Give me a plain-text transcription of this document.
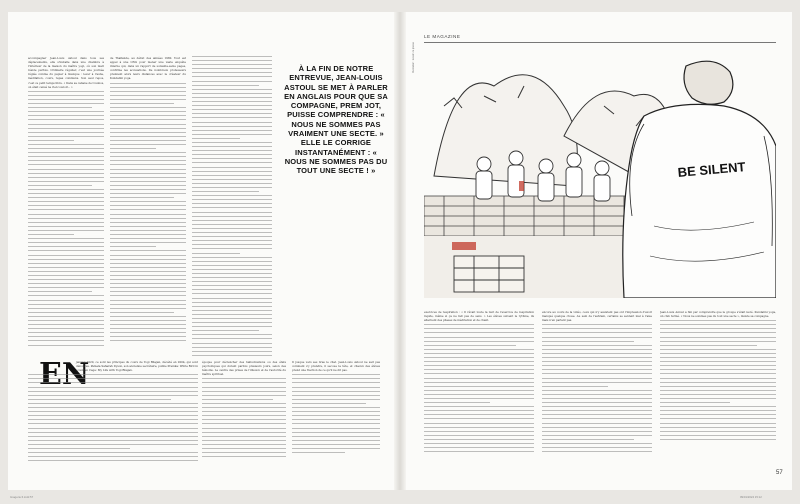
accompagner Jean-Louis Astoul dans tous ses déplacements, elle s'installe dans une chambre à l'intérieur de la maison du maître yogi, où son mari réside parfois. Ordinaire régulier, c'est une journée réglée comme du papier à musique : lever à l'aube, méditation, cours, repas communs. Son seul repos, c'est ce petit temps libre. « Dans sa cabane de Cosmos, on était censé ne rien vouloir... »

de Thaïlande, au début des années 1980. Tout est appel à une ONG pour mener une vaste enquête interne qui, dans un rapport de soixante-seize pages, confirme les accusations. De nombreux professeurs prennent alors leurs distances avec le créateur du Kundalini yoga.

À LA FIN DE NOTRE ENTREVUE, JEAN-LOUIS ASTOUL SE MET À PARLER EN ANGLAIS POUR QUE SA COMPAGNE, PREM JOT, PUISSE COMPRENDRE : « NOUS NE SOMMES PAS VRAIMENT UNE SECTE. » ELLE LE CORRIGE INSTANTANÉMENT : « NOUS NE SOMMES PAS DU TOUT UNE SECTE ! »

janvier 2020, ce sont les principes du cours de Yogi Bhajan, décédé en 2004, qui sont dénoncés. Pamela Saharah Dyson, son ancienne secrétaire, publie Premka: White Bird in a Golden Cage: My Life with Yogi Bhajan.

époque pour déclencher des hallucinations ou des états psychotiques qui durent parfois plusieurs jours, selon des témoins. Le centre des prises de l'illusion et de l'autorité du maître spirituel.

Il jusque vers ses bras le chat. Jean-Louis Astoul ne sait pas comment s'y prendre, il secoue la tête, et chacun des élèves prend une fraction de ce qu'il ne dit pas.

LE MAGAZINE
Illustration : dessin de presse
BE SILENT

exercices de respiration : « Il rêvait toute la nuit de l'exercice de respiration rapide, même si ça ne fait pas de sens. » Les élèves suivent le rythme, ils alternent des phases de méditation et de chant.

encore au cours de la vidéo, ceux qui n'y assistent pas ont l'impression d'avoir manqué quelque chose. Au sein de l'ashram, certains se sentent mal à l'aise mais n'en parlent pas.

Jean-Louis Astoul a fini par comprendre que le groupe s'était isolé. Kundalini yoga, un club fermé. « Nous ne sommes pas du tout une secte », insiste sa compagne.

57
Imagerie 6.indd 57	09/01/2024 15:12
